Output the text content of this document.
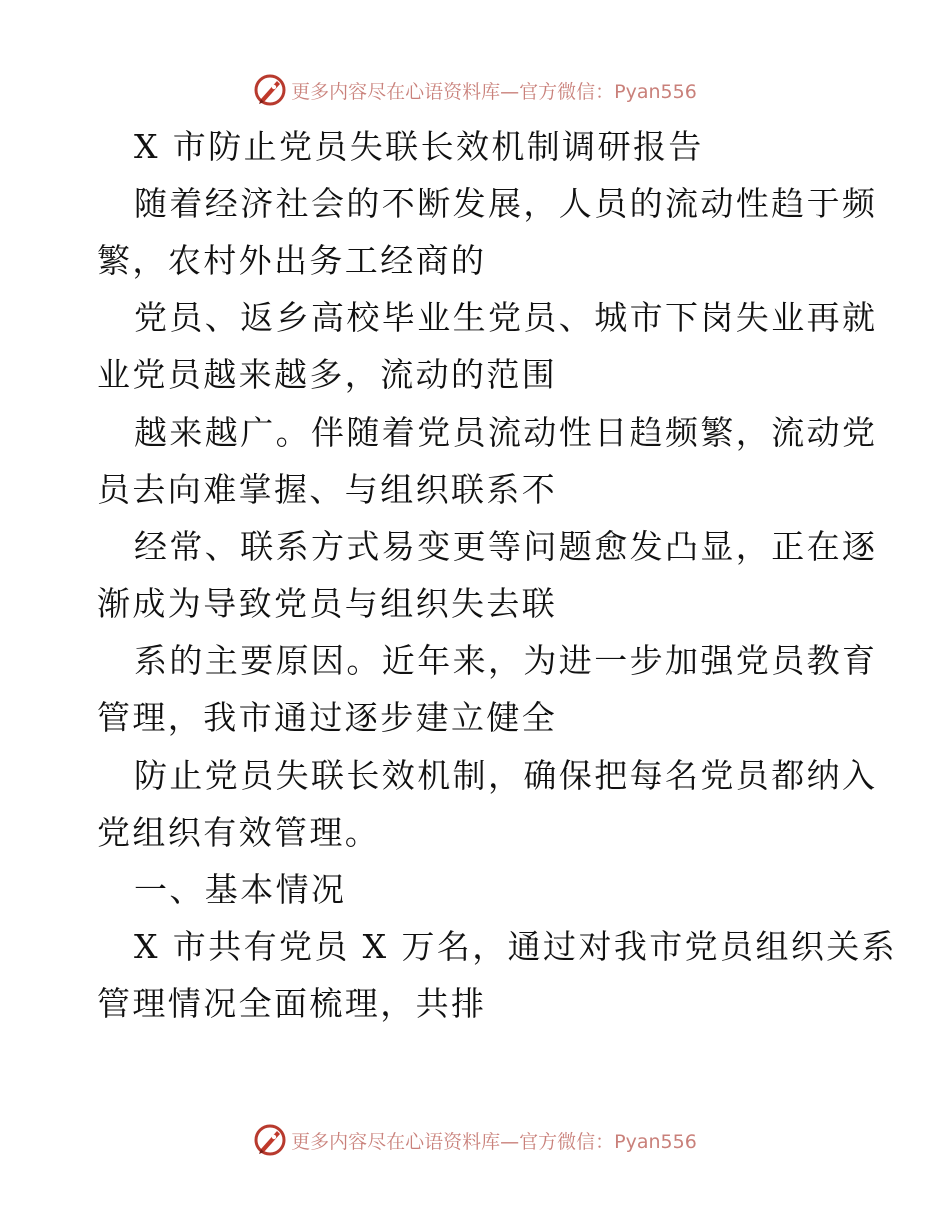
更多内容尽在心语资料库—官方微信：Pyan556
X 市防止党员失联长效机制调研报告
随着经济社会的不断发展，人员的流动性趋于频
繁，农村外出务工经商的
党员、返乡高校毕业生党员、城市下岗失业再就
业党员越来越多，流动的范围
越来越广。伴随着党员流动性日趋频繁，流动党
员去向难掌握、与组织联系不
经常、联系方式易变更等问题愈发凸显，正在逐
渐成为导致党员与组织失去联
系的主要原因。近年来，为进一步加强党员教育
管理，我市通过逐步建立健全
防止党员失联长效机制，确保把每名党员都纳入
党组织有效管理。
一、基本情况
X 市共有党员 X 万名，通过对我市党员组织关系
管理情况全面梳理，共排
更多内容尽在心语资料库—官方微信：Pyan556
